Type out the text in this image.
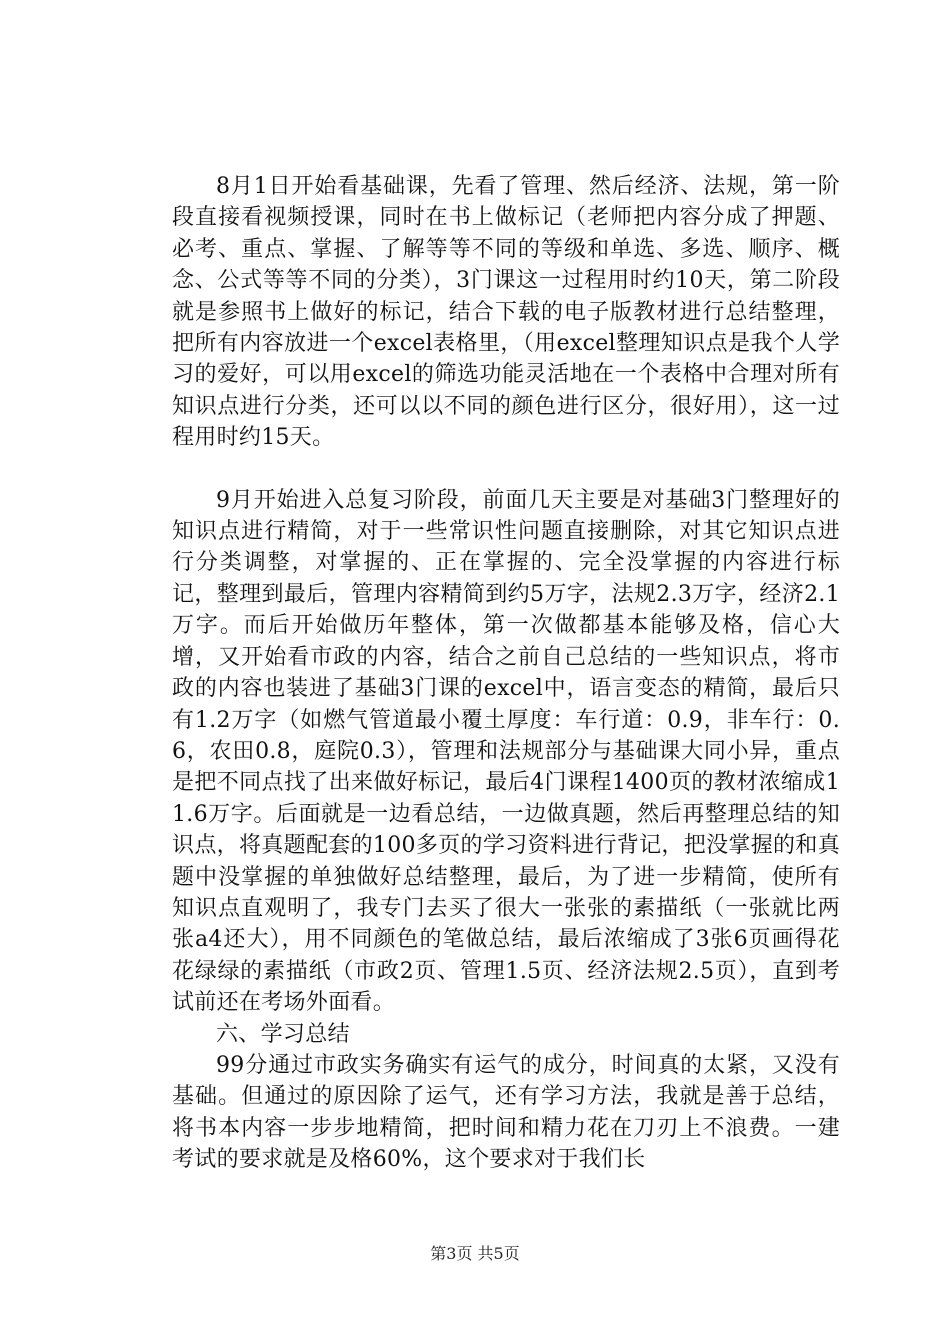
8月1日开始看基础课，先看了管理、然后经济、法规，第一阶段直接看视频授课，同时在书上做标记（老师把内容分成了押题、必考、重点、掌握、了解等等不同的等级和单选、多选、顺序、概念、公式等等不同的分类），3门课这一过程用时约10天，第二阶段就是参照书上做好的标记，结合下载的电子版教材进行总结整理，把所有内容放进一个excel表格里，（用excel整理知识点是我个人学习的爱好，可以用excel的筛选功能灵活地在一个表格中合理对所有知识点进行分类，还可以以不同的颜色进行区分，很好用），这一过程用时约15天。

9月开始进入总复习阶段，前面几天主要是对基础3门整理好的知识点进行精简，对于一些常识性问题直接删除，对其它知识点进行分类调整，对掌握的、正在掌握的、完全没掌握的内容进行标记，整理到最后，管理内容精简到约5万字，法规2.3万字，经济2.1万字。而后开始做历年整体，第一次做都基本能够及格，信心大增，又开始看市政的内容，结合之前自己总结的一些知识点，将市政的内容也装进了基础3门课的excel中，语言变态的精简，最后只有1.2万字（如燃气管道最小覆土厚度：车行道：0.9，非车行：0.6，农田0.8，庭院0.3），管理和法规部分与基础课大同小异，重点是把不同点找了出来做好标记，最后4门课程1400页的教材浓缩成11.6万字。后面就是一边看总结，一边做真题，然后再整理总结的知识点，将真题配套的100多页的学习资料进行背记，把没掌握的和真题中没掌握的单独做好总结整理，最后，为了进一步精简，使所有知识点直观明了，我专门去买了很大一张张的素描纸（一张就比两张a4还大），用不同颜色的笔做总结，最后浓缩成了3张6页画得花花绿绿的素描纸（市政2页、管理1.5页、经济法规2.5页），直到考试前还在考场外面看。

六、学习总结

99分通过市政实务确实有运气的成分，时间真的太紧，又没有基础。但通过的原因除了运气，还有学习方法，我就是善于总结，将书本内容一步步地精简，把时间和精力花在刀刃上不浪费。一建考试的要求就是及格60%，这个要求对于我们长

第3页 共5页
